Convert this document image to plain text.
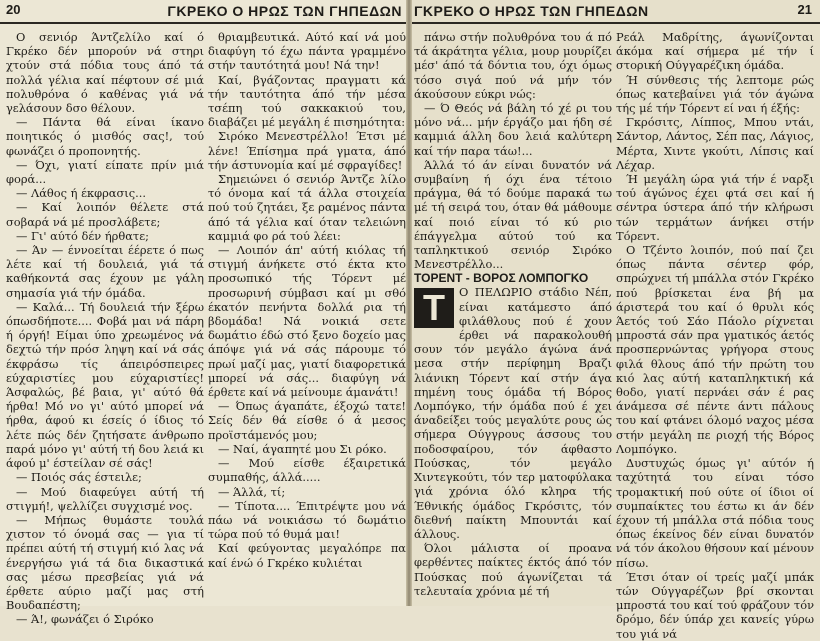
20	ΓΚΡΕΚΟ Ο ΗΡΩΣ ΤΩΝ ΓΗΠΕΔΩΝ

Ο σενιόρ Άντζελίλο καί ό Γκρέκο δέν μπορούν νά στηρι χτούν στά πόδια τους άπό τά πολλά γέλια καί πέφτουν σέ μιά πολυθρόνα ό καθένας γιά νά γελάσουν δσο θέλουν.

— Πάντα θά είναι ίκανο ποιητικός ό μισθός σας!, τού φωνάζει ό προπονητής.

— Όχι, γιατί είπατε πρίν μιά φορά...

— Λάθος ή έκφρασις...

— Καί λοιπόν θέλετε στά σοβαρά νά μέ προσλάβετε;

— Γι' αύτό δέν ήρθατε;

— Άν — έννοείται έέρετε ό πως λέτε καί τή δουλειά, γιά τά καθήκοντά σας έχουν με γάλη σημασία γιά τήν όμάδα.

— Καλά... Τή δουλειά τήν ξέρω όπωσδήποτε.... Φοβά μαι νά πάρη ή όργή! Είμαι ύπο χρεωμένος νά δεχτώ τήν πρόσ ληψη καί νά σάς έκφράσω τίς άπειρόσπειρες εύχαριστίες μου εύχαριστίες! Άσφαλώς, βέ βαια, γι' αύτό θά ήρθα! Μό νο γι' αύτό μπορεί νά ήρθα, άφού κι έσείς ό ίδιος τό λέτε πώς δέν ζητήσατε άνθρωπο παρά μόνο γι' αύτή τή δου λειά κι άφού μ' έστείλαν σέ σάς!

— Ποιός σάς έστειλε;

— Μού διαφεύγει αύτή τή στιγμή!, ψελλίζει συγχισμέ νος.

— Μήπως θυμάστε τουλά χιστον τό όνομά σας — για τί πρέπει αύτή τή στιγμή κιό λας νά ένεργήσω γιά τά δια δικαστικά σας μέσω πρεσβείας γιά νά έρθετε αύριο μαζί μας στή Βουδαπέστη;

— Ά!, φωνάζει ό Σιρόκο

θριαμβευτικά. Αύτό καί νά μού διαφύγη τό έχω πάντα γραμμένο στήν ταυτότητά μου! Νά την!

Καί, βγάζοντας πραγματι κά τήν ταυτότητα άπό τήν μέσα τσέπη τού σακκακιού του, διαβάζει μέ μεγάλη έ πισημότητα:

Σιρόκο Μενεστρέλλο! Έτσι μέ λένε! Έπίσημα πρά γματα, άπό τήν άστυνομία καί μέ σφραγίδες!

Σημειώνει ό σενιόρ Άντζε λίλο τό όνομα καί τά άλλα στοιχεία πού τού ζητάει, ξε ραμένος πάντα άπό τά γέλια καί όταν τελειώνη καμμιά φο ρά τού λέει:

— Λοιπόν άπ' αύτή κιόλας τή στιγμή άνήκετε στό έκτα κτο προσωπικό τής Τόρεντ μέ προσωρινή σύμβασι καί μι σθό έκατόν πενήντα δολλά ρια τή βδομάδα! Νά νοικιά σετε δωμάτιο έδώ στό ξενο δοχείο μας άπόψε γιά νά σάς πάρουμε τό πρωί μαζί μας, γιατί διαφορετικά μπορεί νά σάς... διαφύγη νά έρθετε καί νά μείνουμε άμανάτι!

— Όπως άγαπάτε, έξοχώ τατε! Σείς δέν θά είσθε ό ά μεσος προϊστάμενός μου;

— Ναί, άγαπητέ μου Σι ρόκο.

— Μού είσθε έξαιρετικά συμπαθής, άλλά.....

— Άλλά, τί;

— Τίποτα.... Έπιτρέψτε μου νά πάω νά νοικιάσω τό δωμάτιο τώρα πού τό θυμά μαι!

Καί φεύγοντας μεγαλόπρε πα καί ένώ ό Γκρέκο κυλιέται

ΓΚΡΕΚΟ Ο ΗΡΩΣ ΤΩΝ ΓΗΠΕΔΩΝ	21

πάνω στήν πολυθρόνα του ά πό τά άκράτητα γέλια, μουρ μουρίζει μέσ' άπό τά δόντια του, όχι όμως τόσο σιγά πού νά μήν τόν άκούσουν εύκρι νώς:

— Ό Θεός νά βάλη τό χέ ρι του μόνο νά... μήν έργάζο μαι ήδη σέ καμμιά άλλη δου λειά καλύτερη καί τήν παρα τάω!...

Άλλά τό άν είναι δυνατόν νά συμβαίνη ή όχι ένα τέτοιο πράγμα, θά τό δούμε παρακά τω μέ τή σειρά του, όταν θά μάθουμε καί ποιό είναι τό κύ ριο έπάγγελμα αύτού τού κα ταπληκτικού σενιόρ Σιρόκο Μενεστρέλλο...

ΤΟΡΕΝΤ - ΒΟΡΟΣ ΛΟΜΠΟΓΚΟ

Τ	Ο ΠΕΛΩΡΙΟ στάδιο Νέπ, είναι κατάμεστο άπό φιλάθλους πού έ χουν έρθει νά παρακολουθή σουν τόν μεγάλο άγώνα άνά μεσα στήν περίφημη Βραζι λιάνικη Τόρεντ καί στήν άγα πημένη τους όμάδα τή Βόρος Λομπόγκο, τήν όμάδα πού έ χει άναδείξει τούς μεγαλύτε ρους ώς σήμερα Ούγγρους άσσους του ποδοσφαίρου, τόν άφθαστο Πούσκας, τόν μεγάλο Χιντεγκούτι, τόν τερ ματοφύλακα γιά χρόνια όλό κληρα τής Έθνικής όμάδος Γκρόσιτς, τόν διεθνή παίκτη Μπουντάι καί άλλους.

Όλοι μάλιστα οί προανα φερθέντες παίκτες έκτός άπό τόν Πούσκας πού άγωνίζεται τά τελευταία χρόνια μέ τή

Ρεάλ Μαδρίτης, άγωνίζονται άκόμα καί σήμερα μέ τήν ί στορική Ούγγαρέζικη όμάδα.

Ή σύνθεσις τής λεπτομε ρώς όπως κατεβαίνει γιά τόν άγώνα τής μέ τήν Τόρεντ εί ναι ή έξής:

Γκρόσιτς, Λίππος, Μπου ντάι, Σάντορ, Λάντος, Σέπ πας, Λάγιος, Μέρτα, Χιντε γκούτι, Λίπσις καί Λέχαρ.

Ή μεγάλη ώρα γιά τήν έ ναρξι τού άγώνος έχει φτά σει καί ή σέντρα ύστερα άπό τήν κλήρωσι τών τερμάτων άνήκει στήν Τόρεντ.

Ο Τζέντο λοιπόν, πού παί ζει όπως πάντα σέντερ φόρ, σπρώχνει τή μπάλλα στόν Γκρέκο πού βρίσκεται ένα βή μα άριστερά του καί ό θρυλι κός Άετός τού Σάο Πάολο ρίχνεται μπροστά σάν πρα γματικός άετός προσπερνώντας γρήγορα στους φιλά θλους άπό τήν πρώτη του κιό λας αύτή καταπληκτική κά θοδο, γιατί περνάει σάν έ ρας άνάμεσα σέ πέντε άντι πάλους του καί φτάνει όλομό ναχος μέσα στήν μεγάλη πε ριοχή τής Βόρος Λομπόγκο.

Δυστυχώς όμως γι' αύτόν ή ταχύτητά του είναι τόσο τρομακτική πού ούτε οί ίδιοι οί συμπαίκτες του έστω κι άν δέν έχουν τή μπάλλα στά πόδια τους όπως έκείνος δέν είναι δυνατόν νά τόν άκολου θήσουν καί μένουν πίσω.

Έτσι όταν οί τρείς μαζί μπάκ τών Ούγγαρέζων βρί σκονται μπροστά του καί τού φράζουν τόν δρόμο, δέν ύπάρ χει κανείς γύρω του γιά νά
